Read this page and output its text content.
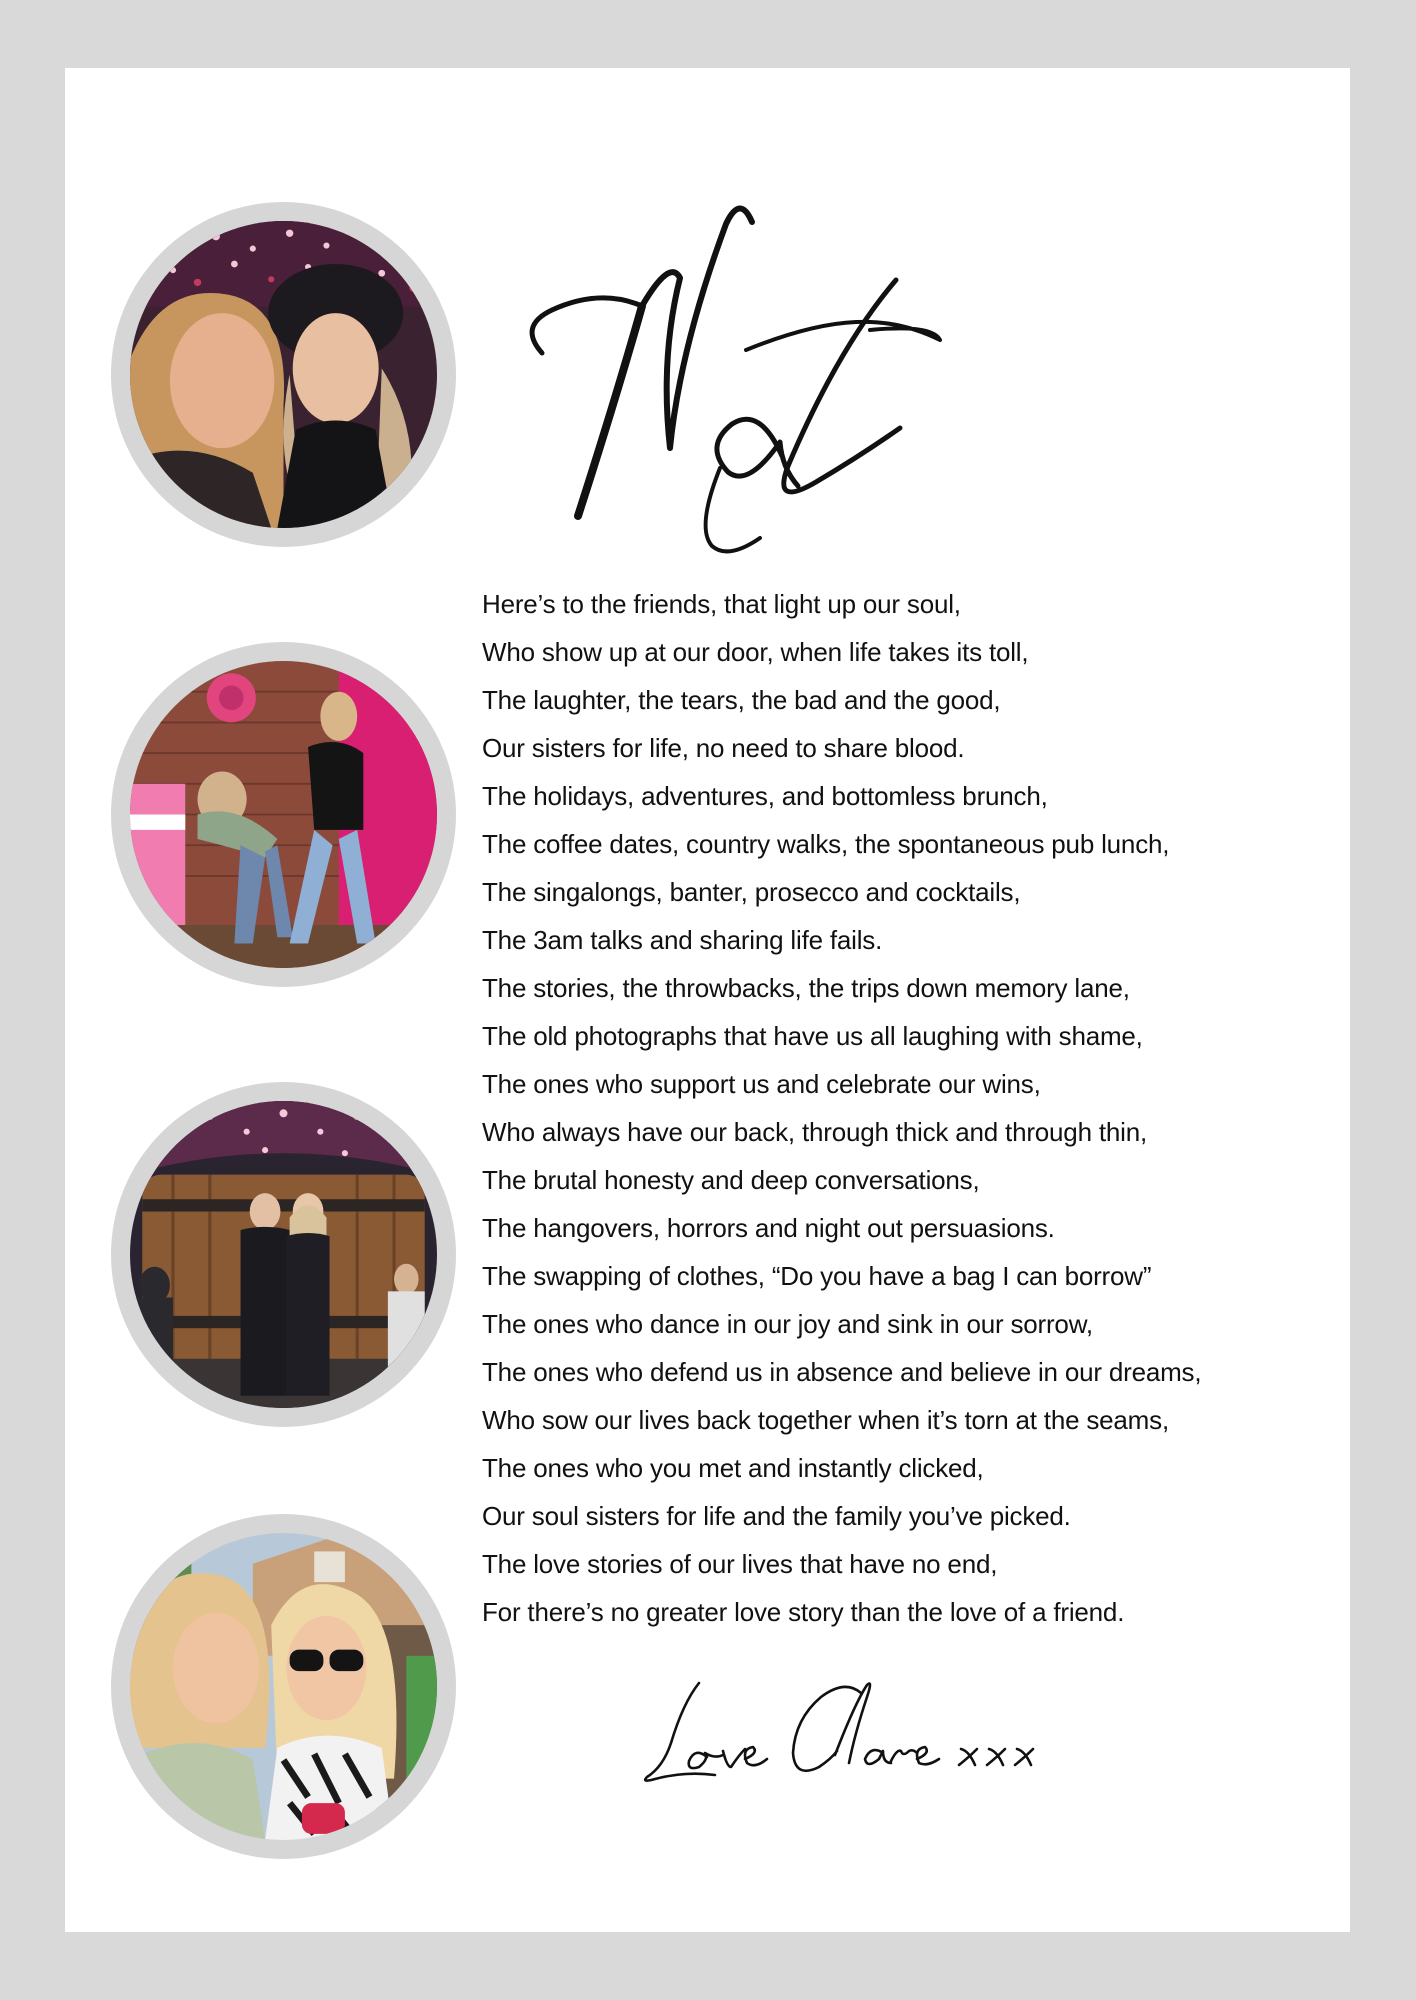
Here’s to the friends, that light up our soul,
Who show up at our door, when life takes its toll,
The laughter, the tears, the bad and the good,
Our sisters for life, no need to share blood.
The holidays, adventures, and bottomless brunch,
The coffee dates, country walks, the spontaneous pub lunch,
The singalongs, banter, prosecco and cocktails,
The 3am talks and sharing life fails.
The stories, the throwbacks, the trips down memory lane,
The old photographs that have us all laughing with shame,
The ones who support us and celebrate our wins,
Who always have our back, through thick and through thin,
The brutal honesty and deep conversations,
The hangovers, horrors and night out persuasions.
The swapping of clothes, “Do you have a bag I can borrow”
The ones who dance in our joy and sink in our sorrow,
The ones who defend us in absence and believe in our dreams,
Who sow our lives back together when it’s torn at the seams,
The ones who you met and instantly clicked,
Our soul sisters for life and the family you’ve picked.
The love stories of our lives that have no end,
For there’s no greater love story than the love of a friend.
